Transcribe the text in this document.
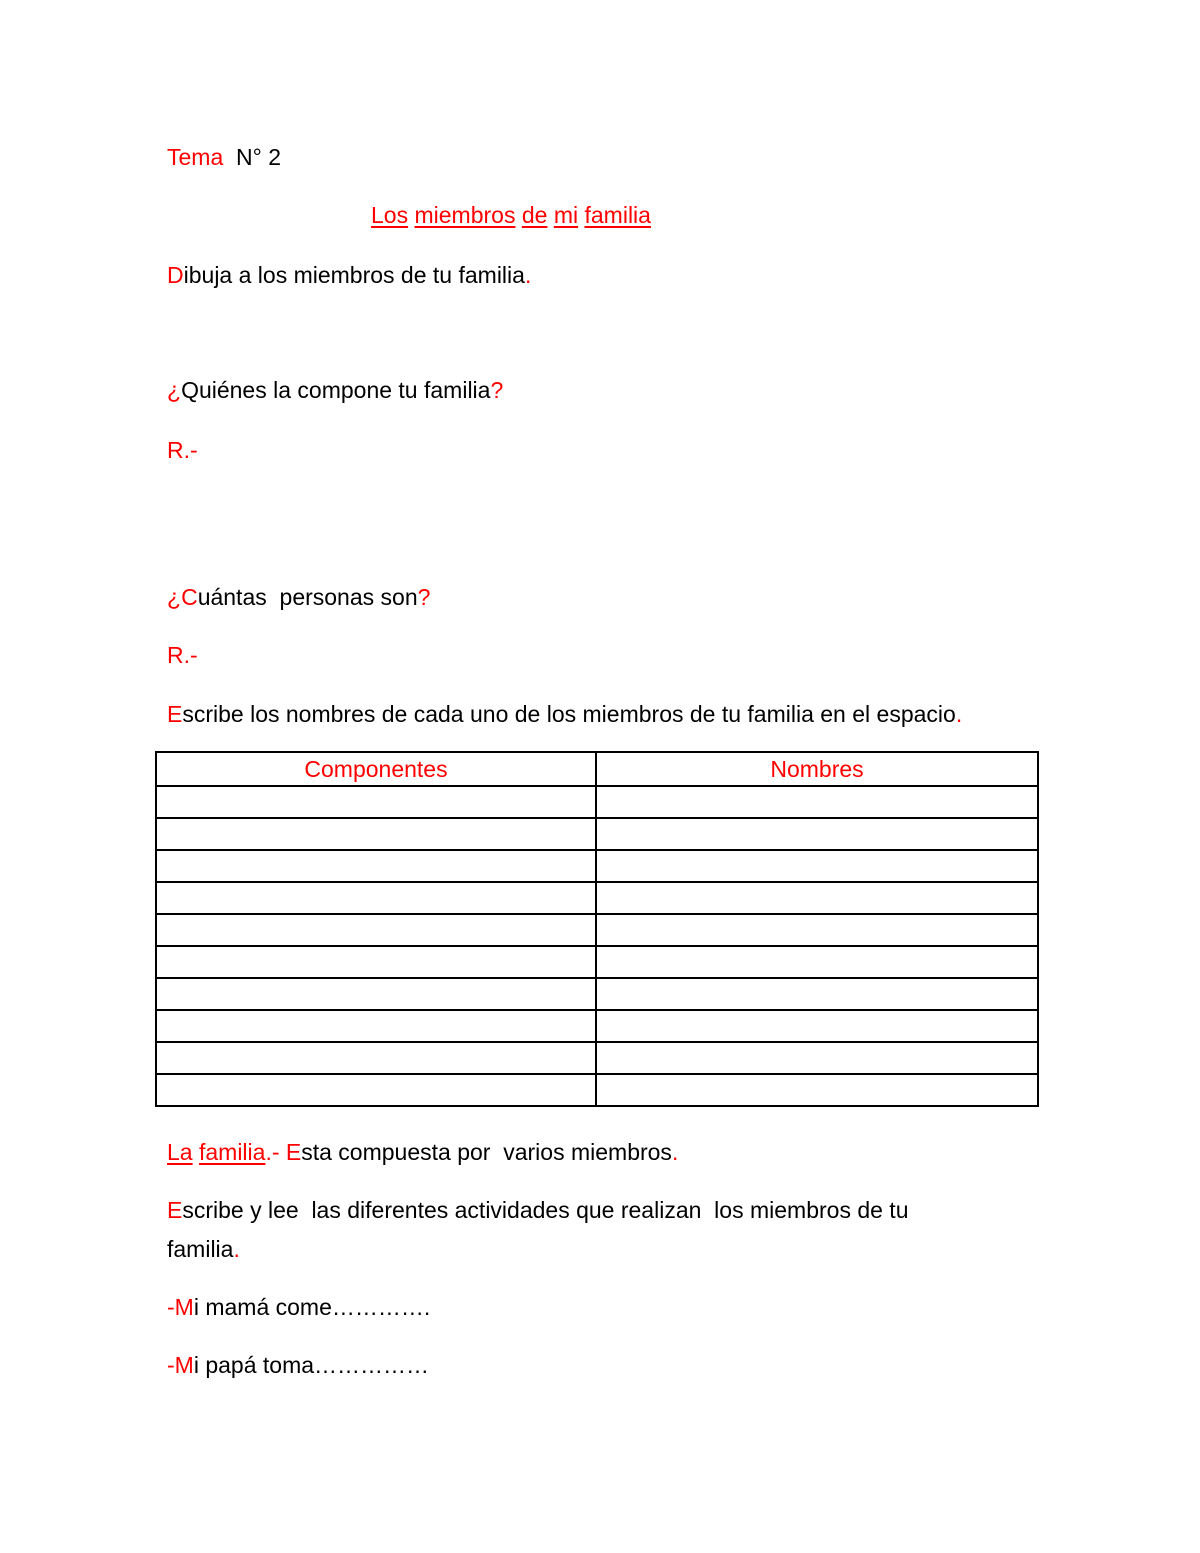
Tema N° 2
Los miembros de mi familia
Dibuja a los miembros de tu familia.
¿Quiénes la compone tu familia?
R.-
¿Cuántas  personas son?
R.-
Escribe los nombres de cada uno de los miembros de tu familia en el espacio.
Componentes	Nombres

La familia.- Esta compuesta por  varios miembros.
Escribe y lee  las diferentes actividades que realizan  los miembros de tu
familia.
-Mi mamá come………….
-Mi papá toma……………
